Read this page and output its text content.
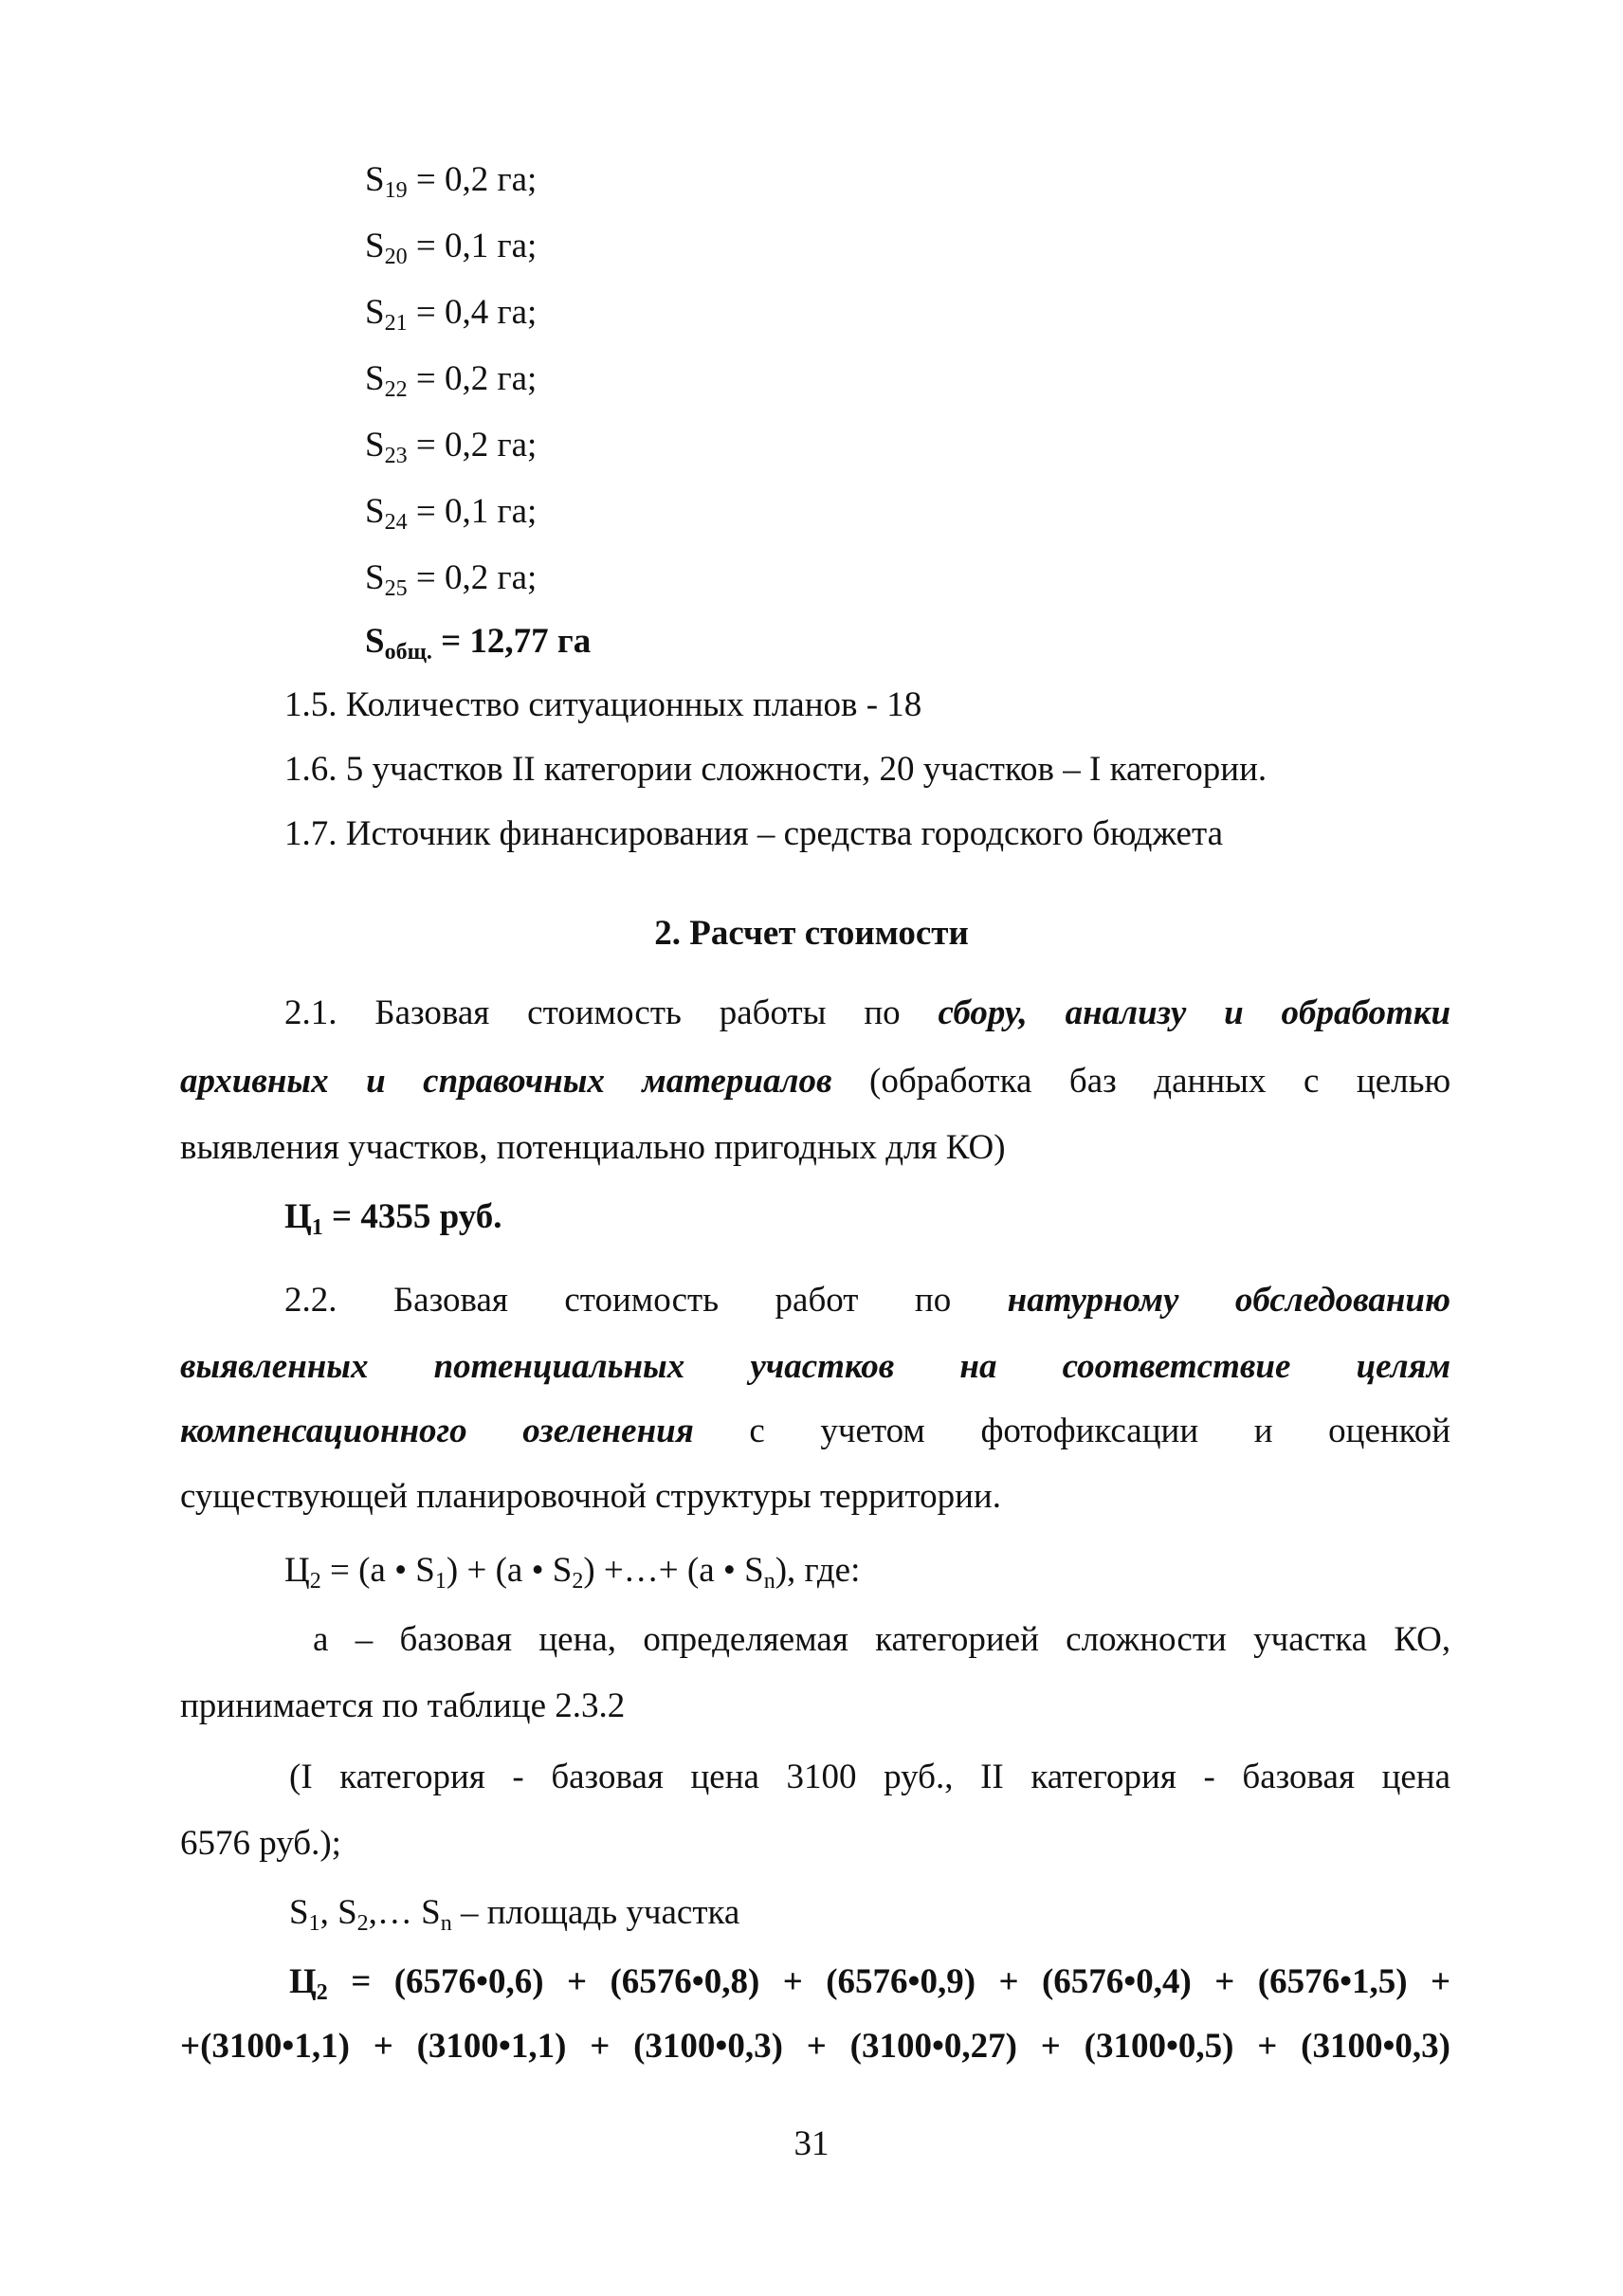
$S_{19} = 0,2$ га;
$S_{20} = 0,1$ га;
$S_{21} = 0,4$ га;
$S_{22} = 0,2$ га;
$S_{23} = 0,2$ га;
$S_{24} = 0,1$ га;
$S_{25} = 0,2$ га;
$S_{общ.} = 12,77$ га
1.5. Количество ситуационных планов - 18
1.6. 5 участков II категории сложности, 20 участков – I категории.
1.7. Источник финансирования – средства городского бюджета
2. Расчет стоимости
2.1. Базовая стоимость работы по сбору, анализу и обработки
архивных и справочных материалов (обработка баз данных с целью
выявления участков, потенциально пригодных для КО)
$Ц_1 = 4355$ руб.
2.2. Базовая стоимость работ по натурному обследованию
выявленных потенциальных участков на соответствие целям
компенсационного озеленения с учетом фотофиксации и оценкой
существующей планировочной структуры территории.
$Ц_2 = (a$ • $S_1) + (a$ • $S_2$) +…+ (a • $S_n$), где:
a – базовая цена, определяемая категорией сложности участка КО,
принимается по таблице 2.3.2
(I категория - базовая цена 3100 руб., II категория - базовая цена
6576 руб.);
$S_1$, $S_2,\dots$ $S_n$ – площадь участка
$Ц_2$ = (6576•0,6) + (6576•0,8) + (6576•0,9) + (6576•0,4) + (6576•1,5) +
+(3100•1,1) + (3100•1,1) + (3100•0,3) + (3100•0,27) + (3100•0,5) + (3100•0,3)
31
